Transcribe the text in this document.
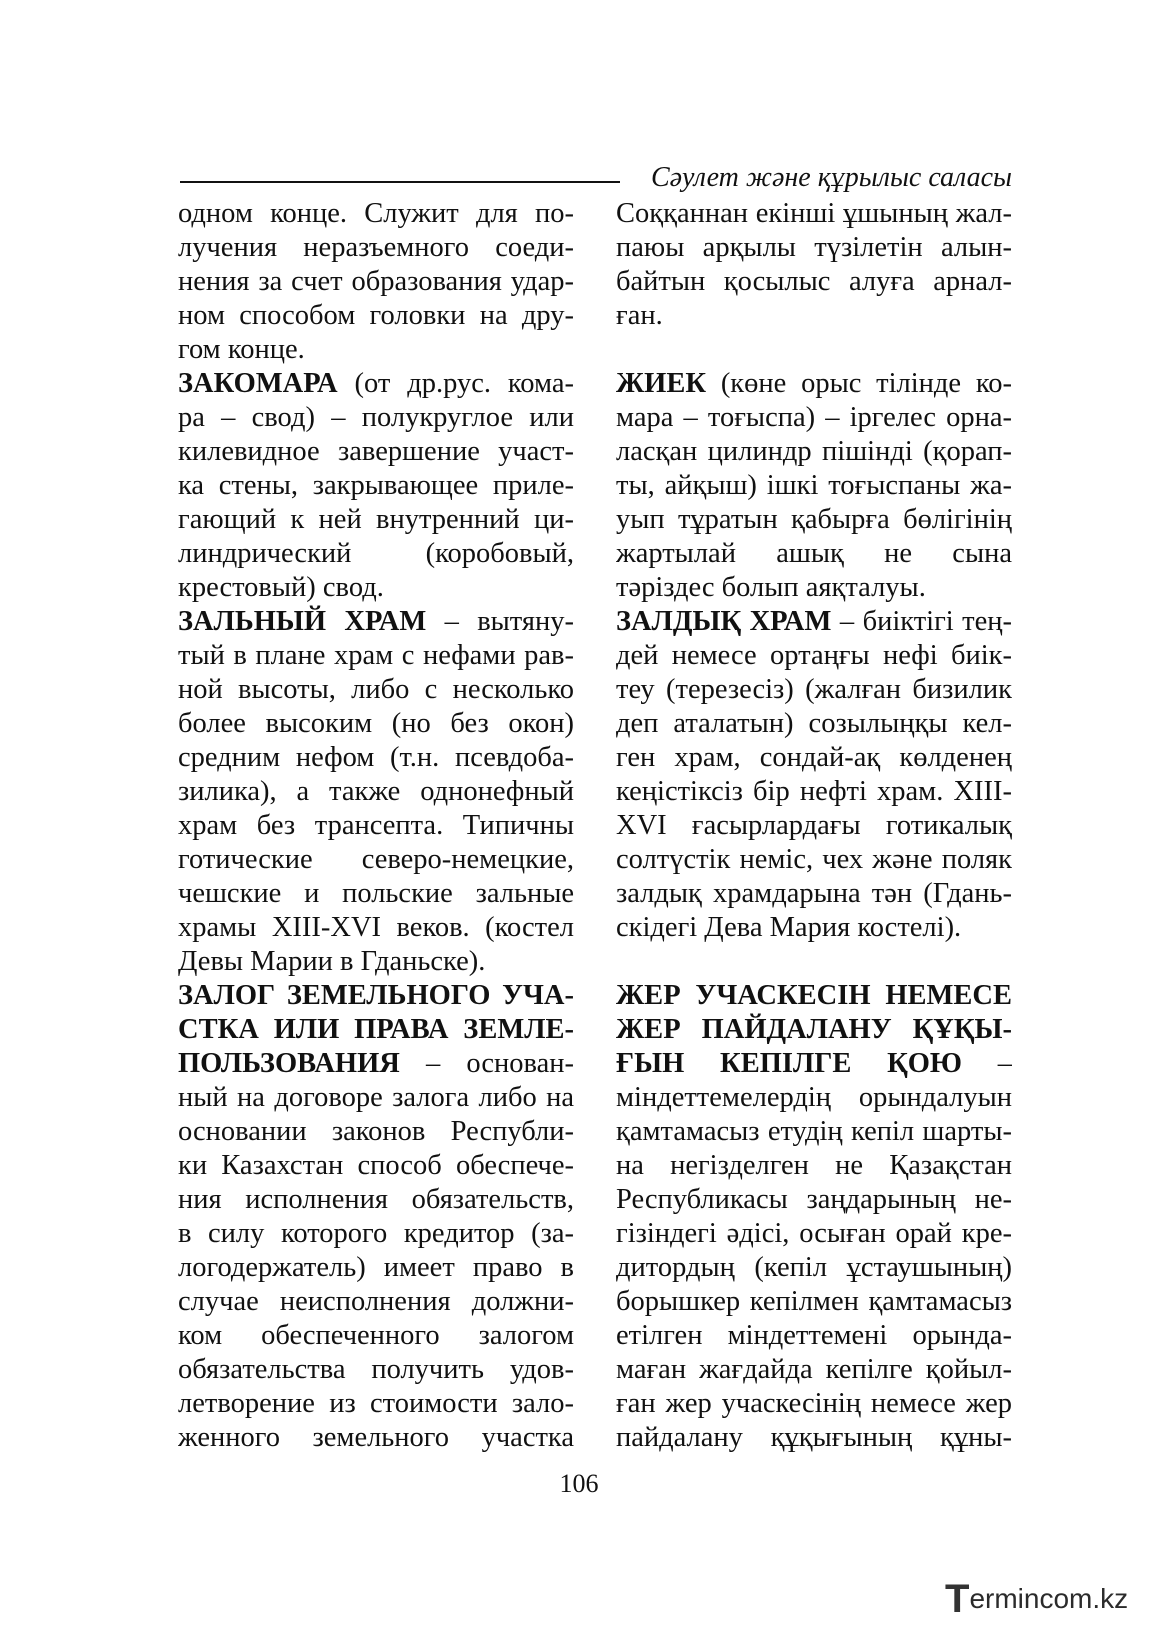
Сәулет және құрылыс саласы

одном конце. Служит для по-
лучения неразъемного соеди-
нения за счет образования удар-
ном способом головки на дру-
гом конце.

ЗАКОМАРА (от др.рус. кома-
ра – свод) – полукруглое или
килевидное завершение участ-
ка стены, закрывающее приле-
гающий к ней внутренний ци-
линдрический (коробовый,
крестовый) свод.

ЗАЛЬНЫЙ ХРАМ – вытяну-
тый в плане храм с нефами рав-
ной высоты, либо с несколько
более высоким (но без окон)
средним нефом (т.н. псевдоба-
зилика), а также однонефный
храм без трансепта. Типичны
готические северо-немецкие,
чешские и польские зальные
храмы XIII-XVI веков. (костел
Девы Марии в Гданьске).

ЗАЛОГ ЗЕМЕЛЬНОГО УЧА-
СТКА ИЛИ ПРАВА ЗЕМЛЕ-
ПОЛЬЗОВАНИЯ – основан-
ный на договоре залога либо на
основании законов Республи-
ки Казахстан способ обеспече-
ния исполнения обязательств,
в силу которого кредитор (за-
логодержатель) имеет право в
случае неисполнения должни-
ком обеспеченного залогом
обязательства получить удов-
летворение из стоимости зало-
женного земельного участка

Соққаннан екінші ұшының жал-
паюы арқылы түзілетін алын-
байтын қосылыс алуға арнал-
ған.

ЖИЕК (көне орыс тілінде ко-
мара – тоғыспа) – іргелес орна-
ласқан цилиндр пішінді (қорап-
ты, айқыш) ішкі тоғыспаны жа-
уып тұратын қабырға бөлігінің
жартылай ашық не сына
тәріздес болып аяқталуы.

ЗАЛДЫҚ ХРАМ – биіктігі тең-
дей немесе ортаңғы нефі биік-
теу (терезесіз) (жалған бизилик
деп аталатын) созылыңқы кел-
ген храм, сондай-ақ көлденең
кеңістіксіз бір нефті храм. XIII-
XVI ғасырлардағы готикалық
солтүстік неміс, чех және поляк
залдық храмдарына тән (Гдань-
скідегі Дева Мария костелі).

ЖЕР УЧАСКЕСІН НЕМЕСЕ
ЖЕР ПАЙДАЛАНУ ҚҰҚЫ-
ҒЫН КЕПІЛГЕ ҚОЮ –
міндеттемелердің орындалуын
қамтамасыз етудің кепіл шарты-
на негізделген не Қазақстан
Республикасы заңдарының не-
гізіндегі әдісі, осыған орай кре-
дитордың (кепіл ұстаушының)
борышкер кепілмен қамтамасыз
етілген міндеттемені орында-
маған жағдайда кепілге қойыл-
ған жер учаскесінің немесе жер
пайдалану құқығының құны-

106
Termincom.kz
